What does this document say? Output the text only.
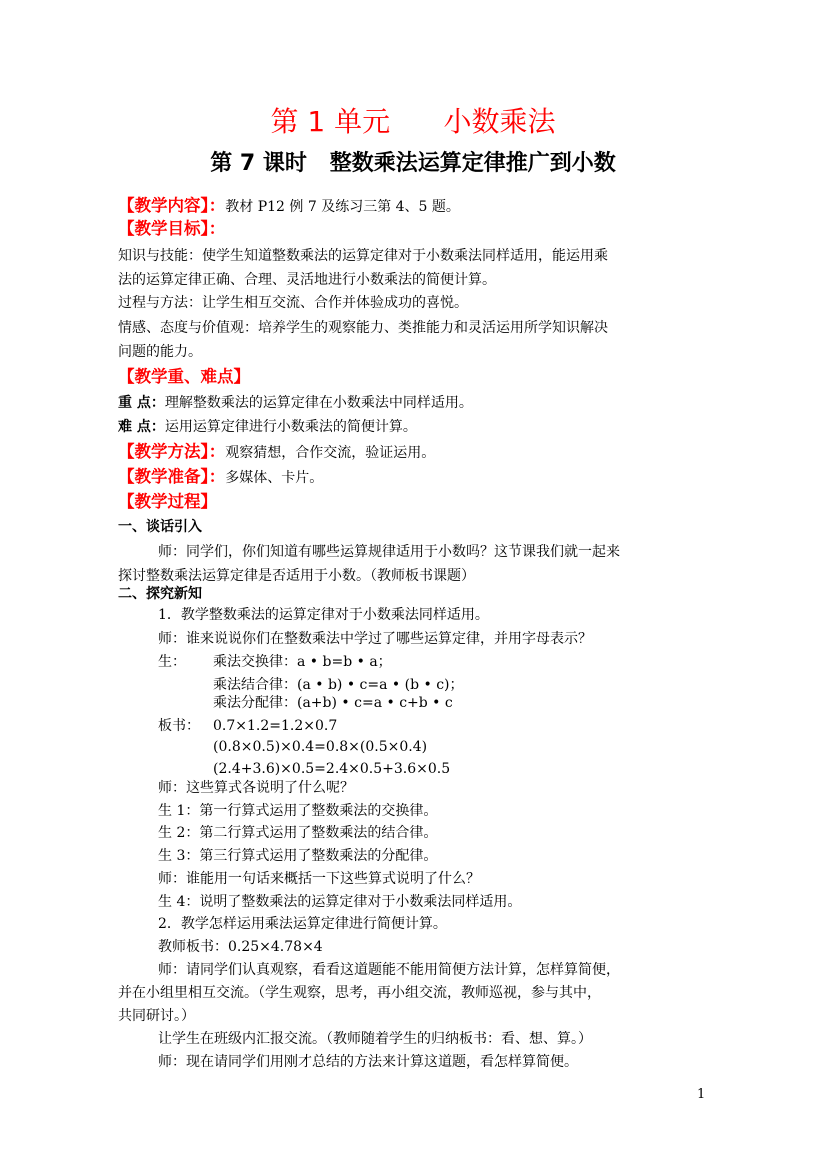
第 1 单元      小数乘法
第 7 课时   整数乘法运算定律推广到小数
【教学内容】：教材 P12 例 7 及练习三第 4、5 题。
【教学目标】：
知识与技能：使学生知道整数乘法的运算定律对于小数乘法同样适用，能运用乘
法的运算定律正确、合理、灵活地进行小数乘法的简便计算。
过程与方法：让学生相互交流、合作并体验成功的喜悦。
情感、态度与价值观：培养学生的观察能力、类推能力和灵活运用所学知识解决
问题的能力。
【教学重、难点】
重 点：理解整数乘法的运算定律在小数乘法中同样适用。
难 点：运用运算定律进行小数乘法的简便计算。
【教学方法】：观察猜想，合作交流，验证运用。
【教学准备】：多媒体、卡片。
【教学过程】
一、谈话引入
师：同学们，你们知道有哪些运算规律适用于小数吗？这节课我们就一起来
探讨整数乘法运算定律是否适用于小数。（教师板书课题）
二、探究新知
1．教学整数乘法的运算定律对于小数乘法同样适用。
师：谁来说说你们在整数乘法中学过了哪些运算定律，并用字母表示？
生：	乘法交换律：a • b=b • a；
乘法结合律：(a • b) • c=a • (b • c)；
乘法分配律：(a+b) • c=a • c+b • c
板书： 0.7×1.2=1.2×0.7
(0.8×0.5)×0.4=0.8×(0.5×0.4)
(2.4+3.6)×0.5=2.4×0.5+3.6×0.5
师：这些算式各说明了什么呢？
生 1：第一行算式运用了整数乘法的交换律。
生 2：第二行算式运用了整数乘法的结合律。
生 3：第三行算式运用了整数乘法的分配律。
师：谁能用一句话来概括一下这些算式说明了什么？
生 4：说明了整数乘法的运算定律对于小数乘法同样适用。
2．教学怎样运用乘法运算定律进行简便计算。
教师板书：0.25×4.78×4
师：请同学们认真观察，看看这道题能不能用简便方法计算，怎样算简便，
并在小组里相互交流。（学生观察，思考，再小组交流，教师巡视，参与其中，
共同研讨。）
让学生在班级内汇报交流。（教师随着学生的归纳板书：看、想、算。）
师：现在请同学们用刚才总结的方法来计算这道题，看怎样算简便。
1
